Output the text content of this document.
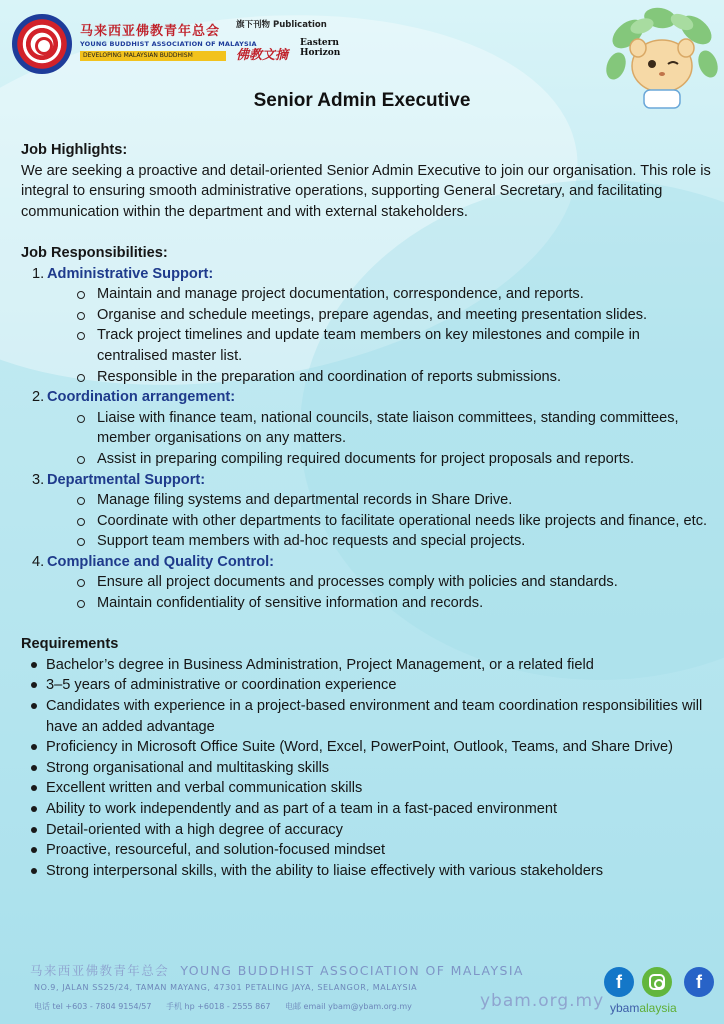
马来西亚佛教青年总会
YOUNG BUDDHIST ASSOCIATION OF MALAYSIA
DEVELOPING MALAYSIAN BUDDHISM
旗下刊物 Publication
佛教文摘
Eastern Horizon
Senior Admin Executive
Job Highlights:
We are seeking a proactive and detail-oriented Senior Admin Executive to join our organisation. This role is integral to ensuring smooth administrative operations, supporting General Secretary, and facilitating communication within the department and with external stakeholders.
Job Responsibilities:
1. Administrative Support:
Maintain and manage project documentation, correspondence, and reports.
Organise and schedule meetings, prepare agendas, and meeting presentation slides.
Track project timelines and update team members on key milestones and compile in centralised master list.
Responsible in the preparation and coordination of reports submissions.
2. Coordination arrangement:
Liaise with finance team, national councils, state liaison committees, standing committees, member organisations on any matters.
Assist in preparing compiling required documents for project proposals and reports.
3. Departmental Support:
Manage filing systems and departmental records in Share Drive.
Coordinate with other departments to facilitate operational needs like projects and finance, etc.
Support team members with ad-hoc requests and special projects.
4. Compliance and Quality Control:
Ensure all project documents and processes comply with policies and standards.
Maintain confidentiality of sensitive information and records.
Requirements
Bachelor’s degree in Business Administration, Project Management, or a related field
3–5 years of administrative or coordination experience
Candidates with experience in a project-based environment and team coordination responsibilities will have an added advantage
Proficiency in Microsoft Office Suite (Word, Excel, PowerPoint, Outlook, Teams, and Share Drive)
Strong organisational and multitasking skills
Excellent written and verbal communication skills
Ability to work independently and as part of a team in a fast-paced environment
Detail-oriented with a high degree of accuracy
Proactive, resourceful, and solution-focused mindset
Strong interpersonal skills, with the ability to liaise effectively with various stakeholders
马来西亚佛教青年总会 YOUNG BUDDHIST ASSOCIATION OF MALAYSIA
NO.9, JALAN SS25/24, TAMAN MAYANG, 47301 PETALING JAYA, SELANGOR, MALAYSIA
电话 tel +603 - 7804 9154/57 手机 hp +6018 - 2555 867 电邮 email ybam@ybam.org.my	ybam.org.my
f	f
ybamalaysia
